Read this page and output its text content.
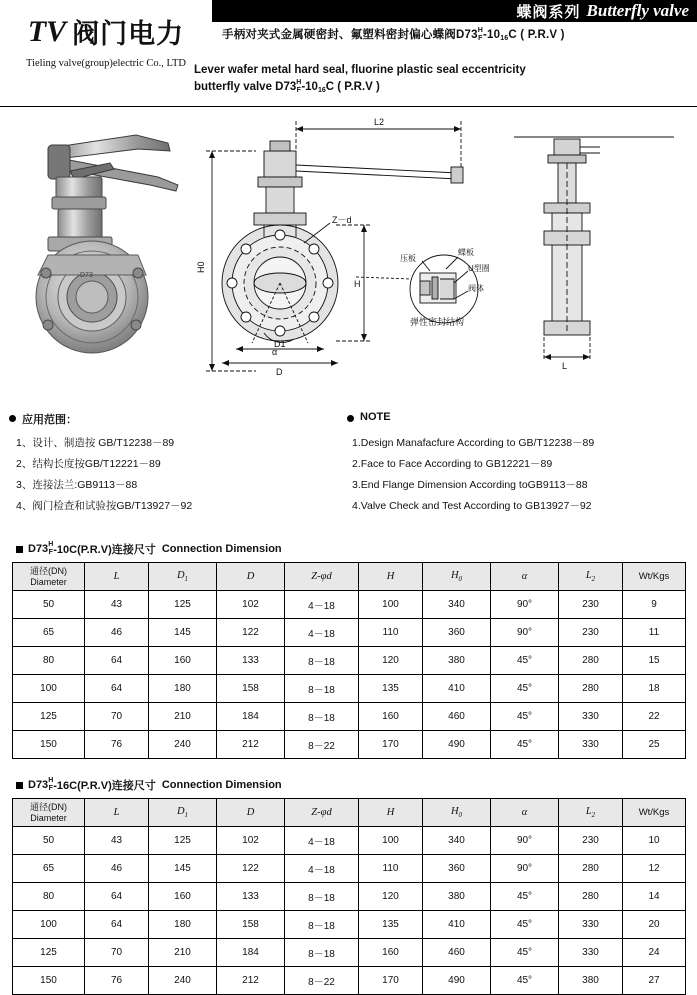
蝶阀系列 Butterfly valve
TV 阀门电力
Tieling valve(group)electric Co., LTD
手柄对夹式金属硬密封、氟塑料密封偏心蝶阀D73 H
F -10
16 C ( P.R.V )
Lever wafer metal hard seal, fluorine plastic seal eccentricity
butterfly valve D73 H
F -10
16 C ( P.R.V )
D73
L2
H0
Z－d
α
D
D1
H
压板
蝶板
U型圈
阀体
弹性密封结构
L
应用范围：
1、设计、制造按 GB/T12238－89
2、结构长度按GB/T12221－89
3、连接法兰:GB9113－88
4、阀门检查和试验按GB/T13927－92
NOTE
1.Design Manafacfure According to GB/T12238－89
2.Face to Face According to GB12221－89
3.End Flange Dimension According toGB9113－88
4.Valve Check and Test According to GB13927－92
D73 H
F -10C(P.R.V)连接尺寸
Connection Dimension
通径(DN)
Diameter	L	$D_1$	D	Z-φd	H	$H_0$	α	$L_2$	Wt/Kgs
50	43	125	102	4－18	100	340	90°	230	9
65	46	145	122	4－18	110	360	90°	230	11
80	64	160	133	8－18	120	380	45°	280	15
100	64	180	158	8－18	135	410	45°	280	18
125	70	210	184	8－18	160	460	45°	330	22
150	76	240	212	8－22	170	490	45°	330	25
D73 H
F -16C(P.R.V)连接尺寸
Connection Dimension
通径(DN)
Diameter	L	$D_1$	D	Z-φd	H	$H_0$	α	$L_2$	Wt/Kgs
50	43	125	102	4－18	100	340	90°	230	10
65	46	145	122	4－18	110	360	90°	280	12
80	64	160	133	8－18	120	380	45°	280	14
100	64	180	158	8－18	135	410	45°	330	20
125	70	210	184	8－18	160	460	45°	330	24
150	76	240	212	8－22	170	490	45°	380	27
